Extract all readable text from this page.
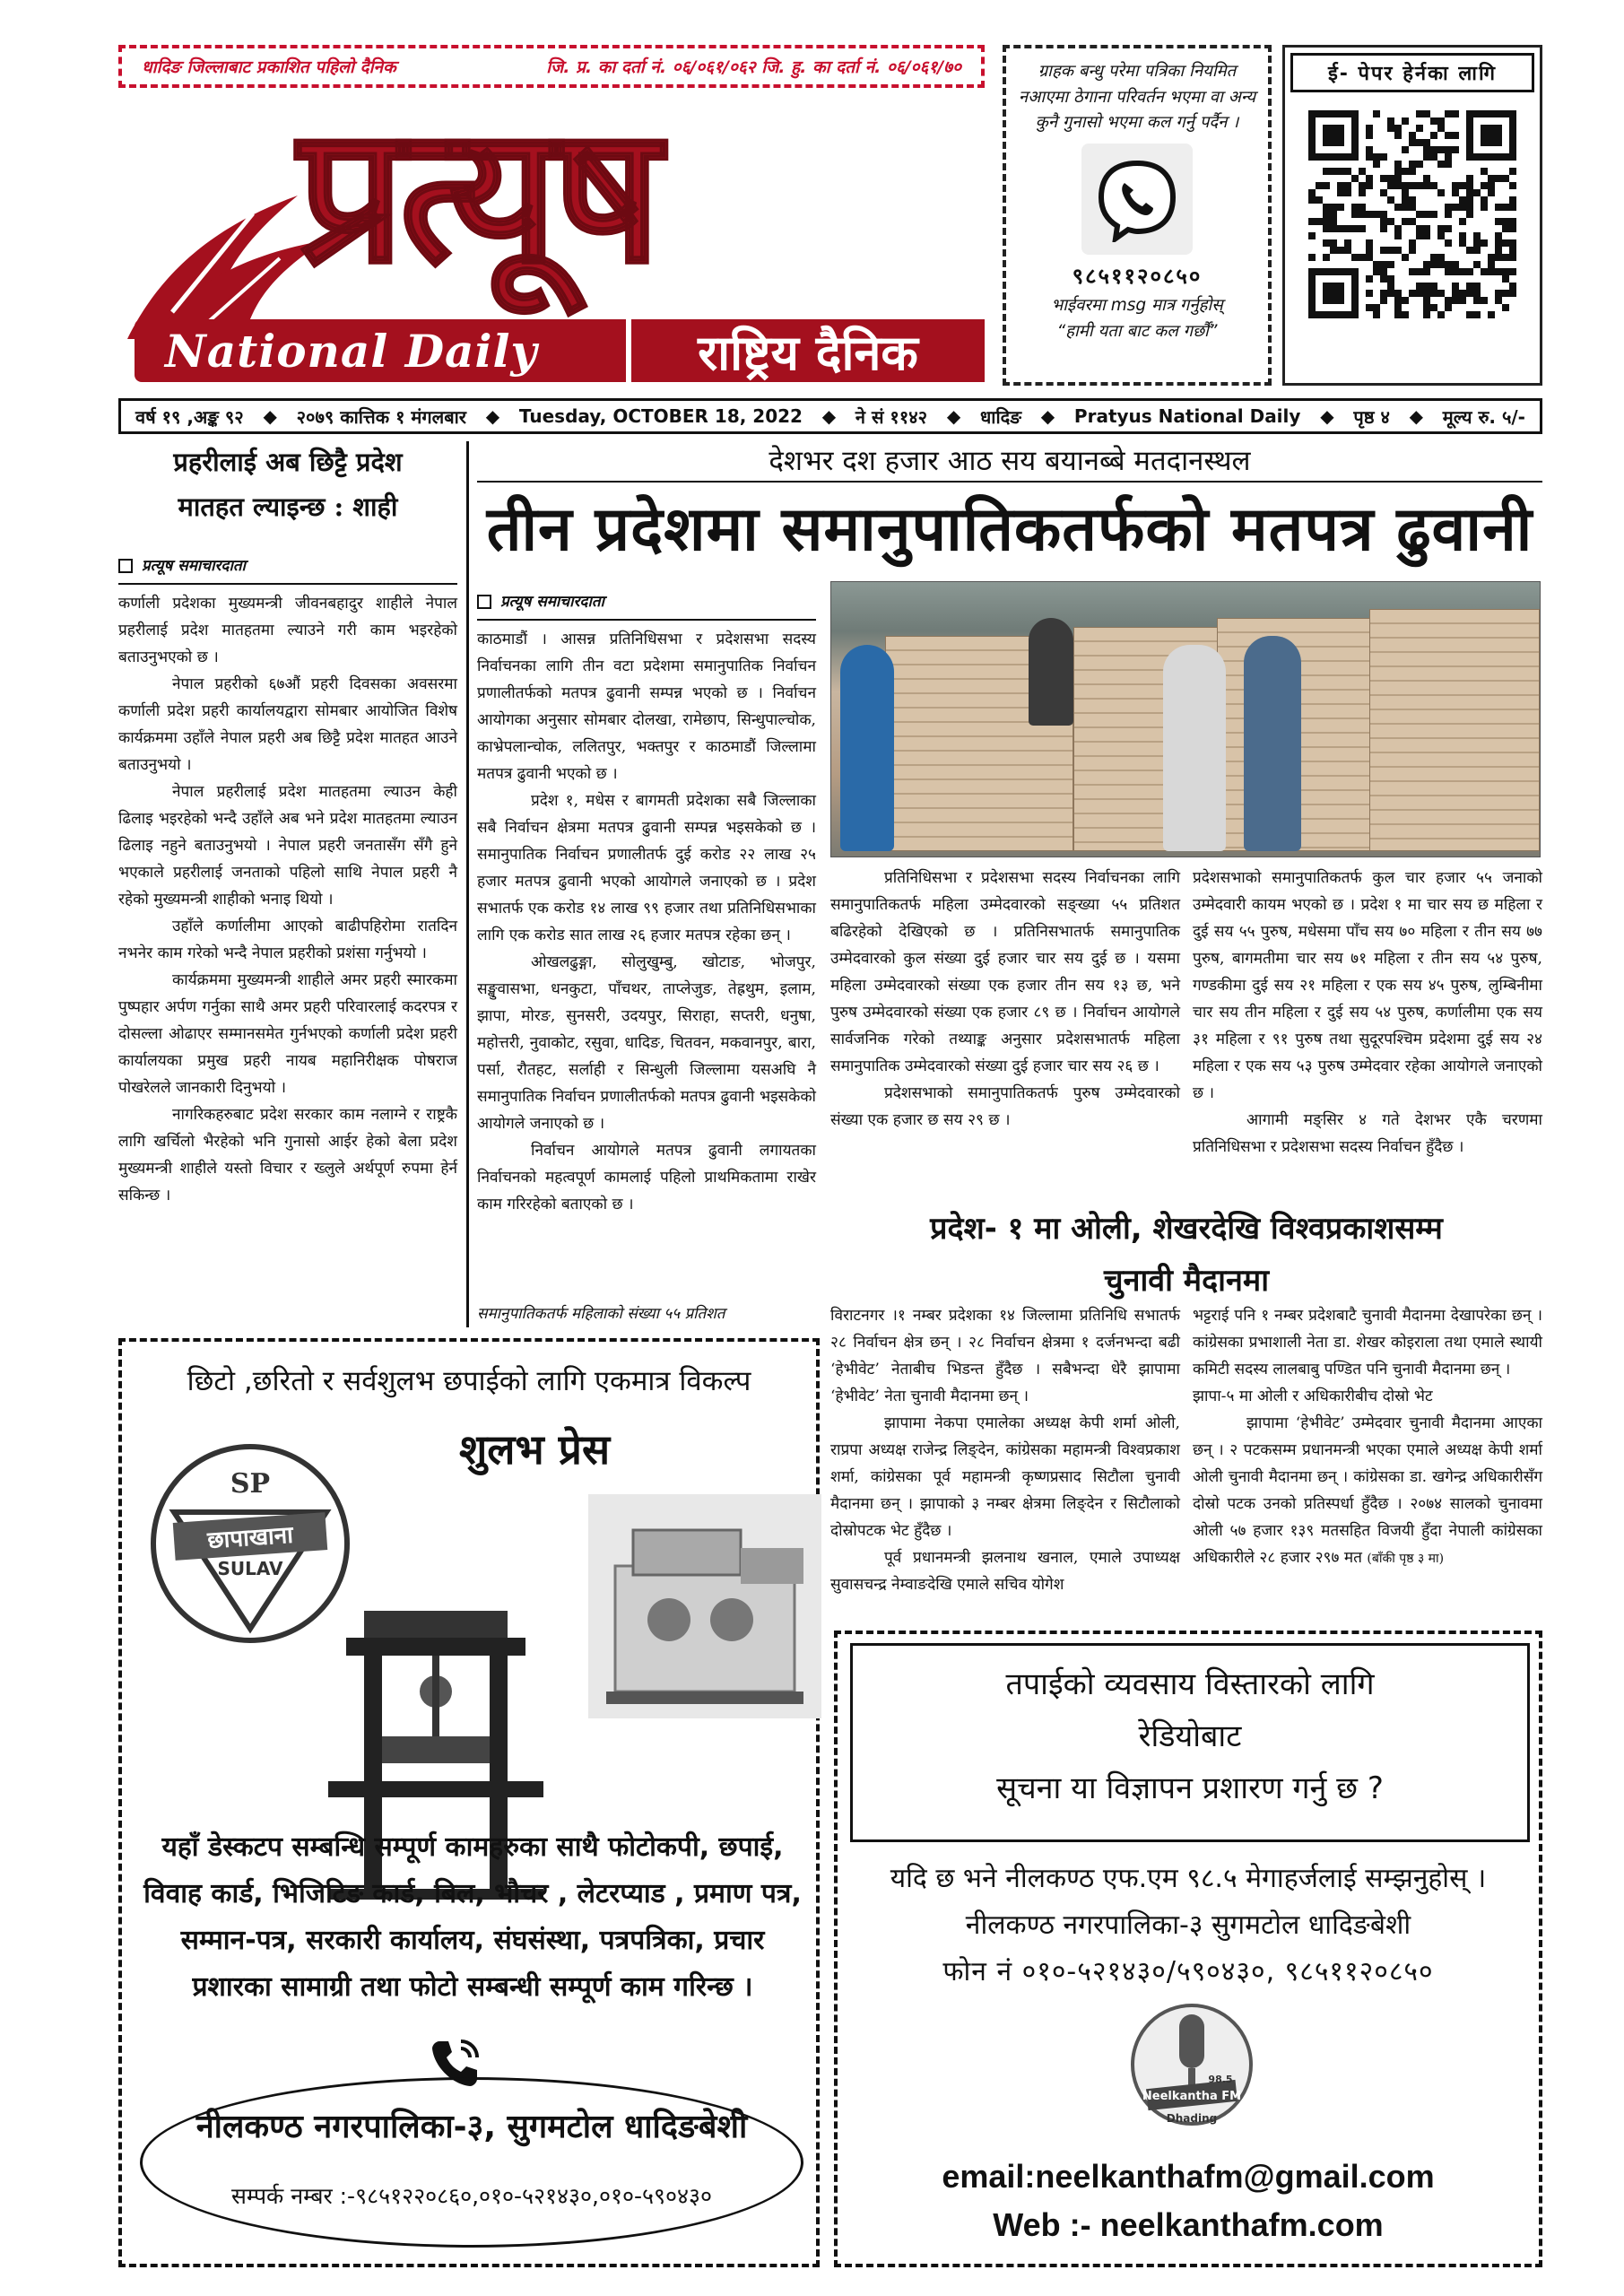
धादिङ जिल्लाबाट प्रकाशित पहिलो दैनिक	जि. प्र. का दर्ता नं. ०६/०६१/०६२ जि. हु. का दर्ता नं. ०६/०६१/७०
प्रत्यूष
National Daily	राष्ट्रिय दैनिक
ग्राहक बन्धु परेमा पत्रिका नियमित नआएमा ठेगाना परिवर्तन भएमा वा अन्य कुनै गुनासो भएमा कल गर्नु पर्दैन ।
९८५११२०८५०
भाईवरमा msg मात्र गर्नुहोस्
“हामी यता बाट कल गर्छौं”
ई- पेपर हेर्नका लागि
वर्ष १९ ,अङ्क ९२ ◆ २०७९ कात्तिक १ मंगलबार ◆ Tuesday, OCTOBER 18, 2022 ◆ ने सं ११४२ ◆ धादिङ ◆ Pratyus National Daily ◆ पृष्ठ ४ ◆ मूल्य रु. ५/-
प्रहरीलाई अब छिट्टै प्रदेश
मातहत ल्याइन्छ : शाही
प्रत्यूष समाचारदाता

कर्णाली प्रदेशका मुख्यमन्त्री जीवनबहादुर शाहीले नेपाल प्रहरीलाई प्रदेश मातहतमा ल्याउने गरी काम भइरहेको बताउनुभएको छ ।

नेपाल प्रहरीको ६७औं प्रहरी दिवसका अवसरमा कर्णाली प्रदेश प्रहरी कार्यालयद्वारा सोमबार आयोजित विशेष कार्यक्रममा उहाँले नेपाल प्रहरी अब छिट्टै प्रदेश मातहत आउने बताउनुभयो ।

नेपाल प्रहरीलाई प्रदेश मातहतमा ल्याउन केही ढिलाइ भइरहेको भन्दै उहाँले अब भने प्रदेश मातहतमा ल्याउन ढिलाइ नहुने बताउनुभयो । नेपाल प्रहरी जनतासँग सँगै हुने भएकाले प्रहरीलाई जनताको पहिलो साथि नेपाल प्रहरी नै रहेको मुख्यमन्त्री शाहीको भनाइ थियो ।

उहाँले कर्णालीमा आएको बाढीपहिरोमा रातदिन नभनेर काम गरेको भन्दै नेपाल प्रहरीको प्रशंसा गर्नुभयो ।

कार्यक्रममा मुख्यमन्त्री शाहीले अमर प्रहरी स्मारकमा पुष्पहार अर्पण गर्नुका साथै अमर प्रहरी परिवारलाई कदरपत्र र दोसल्ला ओढाएर सम्मानसमेत गुर्नभएको कर्णाली प्रदेश प्रहरी कार्यालयका प्रमुख प्रहरी नायब महानिरीक्षक पोषराज पोखरेलले जानकारी दिनुभयो ।

नागरिकहरुबाट प्रदेश सरकार काम नलाग्ने र राष्ट्रकै लागि खर्चिलो भैरहेको भनि गुनासो आईर हेको बेला प्रदेश मुख्यमन्त्री शाहीले यस्तो विचार र ख्लुले अर्थपूर्ण रुपमा हेर्न सकिन्छ ।

देशभर दश हजार आठ सय बयानब्बे मतदानस्थल
तीन प्रदेशमा समानुपातिकतर्फको मतपत्र ढुवानी
प्रत्यूष समाचारदाता

काठमाडौं । आसन्न प्रतिनिधिसभा र प्रदेशसभा सदस्य निर्वाचनका लागि तीन वटा प्रदेशमा समानुपातिक निर्वाचन प्रणालीतर्फको मतपत्र ढुवानी सम्पन्न भएको छ । निर्वाचन आयोगका अनुसार सोमबार दोलखा, रामेछाप, सिन्धुपाल्चोक, काभ्रेपलान्चोक, ललितपुर, भक्तपुर र काठमाडौं जिल्लामा मतपत्र ढुवानी भएको छ ।

प्रदेश १, मधेस र बागमती प्रदेशका सबै जिल्लाका सबै निर्वाचन क्षेत्रमा मतपत्र ढुवानी सम्पन्न भइसकेको छ । समानुपातिक निर्वाचन प्रणालीतर्फ दुई करोड २२ लाख २५ हजार मतपत्र ढुवानी भएको आयोगले जनाएको छ । प्रदेश सभातर्फ एक करोड १४ लाख ९९ हजार तथा प्रतिनिधिसभाका लागि एक करोड सात लाख २६ हजार मतपत्र रहेका छन् ।

ओखलढुङ्गा, सोलुखुम्बु, खोटाङ, भोजपुर, सङ्खुवासभा, धनकुटा, पाँचथर, ताप्लेजुङ, तेह्रथुम, इलाम, झापा, मोरङ, सुनसरी, उदयपुर, सिराहा, सप्तरी, धनुषा, महोत्तरी, नुवाकोट, रसुवा, धादिङ, चितवन, मकवानपुर, बारा, पर्सा, रौतहट, सर्लाही र सिन्धुली जिल्लामा यसअघि नै समानुपातिक निर्वाचन प्रणालीतर्फको मतपत्र ढुवानी भइसकेको आयोगले जनाएको छ ।

निर्वाचन आयोगले मतपत्र ढुवानी लगायतका निर्वाचनको महत्वपूर्ण कामलाई पहिलो प्राथमिकतामा राखेर काम गरिरहेको बताएको छ ।

समानुपातिकतर्फ महिलाको संख्या ५५ प्रतिशत

प्रतिनिधिसभा र प्रदेशसभा सदस्य निर्वाचनका लागि समानुपातिकतर्फ महिला उम्मेदवारको सङ्ख्या ५५ प्रतिशत बढिरहेको देखिएको छ । प्रतिनिसभातर्फ समानुपातिक उम्मेदवारको कुल संख्या दुई हजार चार सय दुई छ । यसमा महिला उम्मेदवारको संख्या एक हजार तीन सय १३ छ, भने पुरुष उम्मेदवारको संख्या एक हजार ८९ छ । निर्वाचन आयोगले सार्वजनिक गरेको तथ्याङ्क अनुसार प्रदेशसभातर्फ महिला समानुपातिक उम्मेदवारको संख्या दुई हजार चार सय २६ छ ।

प्रदेशसभाको समानुपातिकतर्फ पुरुष उम्मेदवारको संख्या एक हजार छ सय २९ छ ।

प्रदेशसभाको समानुपातिकतर्फ कुल चार हजार ५५ जनाको उम्मेदवारी कायम भएको छ । प्रदेश १ मा चार सय छ महिला र दुई सय ५५ पुरुष, मधेसमा पाँच सय ७० महिला र तीन सय ७७ पुरुष, बागमतीमा चार सय ७१ महिला र तीन सय ५४ पुरुष, गण्डकीमा दुई सय २१ महिला र एक सय ४५ पुरुष, लुम्बिनीमा चार सय तीन महिला र दुई सय ५४ पुरुष, कर्णालीमा एक सय ३१ महिला र ९१ पुरुष तथा सुदूरपश्चिम प्रदेशमा दुई सय २४ महिला र एक सय ५३ पुरुष उम्मेदवार रहेका आयोगले जनाएको छ ।

आगामी मङ्सिर ४ गते देशभर एकै चरणमा प्रतिनिधिसभा र प्रदेशसभा सदस्य निर्वाचन हुँदैछ ।

प्रदेश- १ मा ओली, शेखरदेखि विश्वप्रकाशसम्म
चुनावी मैदानमा

विराटनगर ।१ नम्बर प्रदेशका १४ जिल्लामा प्रतिनिधि सभातर्फ २८ निर्वाचन क्षेत्र छन् । २८ निर्वाचन क्षेत्रमा १ दर्जनभन्दा बढी ‘हेभीवेट’ नेताबीच भिडन्त हुँदैछ । सबैभन्दा धेरै झापामा ‘हेभीवेट’ नेता चुनावी मैदानमा छन् ।

झापामा नेकपा एमालेका अध्यक्ष केपी शर्मा ओली, राप्रपा अध्यक्ष राजेन्द्र लिङ्देन, कांग्रेसका महामन्त्री विश्वप्रकाश शर्मा, कांग्रेसका पूर्व महामन्त्री कृष्णप्रसाद सिटौला चुनावी मैदानमा छन् । झापाको ३ नम्बर क्षेत्रमा लिङ्देन र सिटौलाको दोस्रोपटक भेट हुँदैछ ।

पूर्व प्रधानमन्त्री झलनाथ खनाल, एमाले उपाध्यक्ष सुवासचन्द्र नेम्वाङदेखि एमाले सचिव योगेश

भट्टराई पनि १ नम्बर प्रदेशबाटै चुनावी मैदानमा देखापरेका छन् । कांग्रेसका प्रभाशाली नेता डा. शेखर कोइराला तथा एमाले स्थायी कमिटी सदस्य लालबाबु पण्डित पनि चुनावी मैदानमा छन् ।

झापा-५ मा ओली र अधिकारीबीच दोस्रो भेट

झापामा ‘हेभीवेट’ उम्मेदवार चुनावी मैदानमा आएका छन् । २ पटकसम्म प्रधानमन्त्री भएका एमाले अध्यक्ष केपी शर्मा ओली चुनावी मैदानमा छन् । कांग्रेसका डा. खगेन्द्र अधिकारीसँग दोस्रो पटक उनको प्रतिस्पर्धा हुँदैछ । २०७४ सालको चुनावमा ओली ५७ हजार १३९ मतसहित विजयी हुँदा नेपाली कांग्रेसका अधिकारीले २८ हजार २९७ मत (बाँकी पृष्ठ ३ मा)

छिटो ,छरितो र सर्वशुलभ छपाईको लागि एकमात्र विकल्प
शुलभ प्रेस
SP
SULAV
छापाखाना
यहाँ डेस्कटप सम्बन्धि सम्पूर्ण कामहरुका साथै फोटोकपी, छपाई, विवाह कार्ड, भिजिटिङ कार्ड, बिल, भौचर , लेटरप्याड , प्रमाण पत्र, सम्मान-पत्र, सरकारी कार्यालय, संघसंस्था, पत्रपत्रिका, प्रचार प्रशारका सामाग्री तथा फोटो सम्बन्धी सम्पूर्ण काम गरिन्छ ।
नीलकण्ठ नगरपालिका-३, सुगमटोल धादिङबेशी
सम्पर्क नम्बर :-९८५१२२०८६०,०१०-५२१४३०,०१०-५९०४३०
तपाईको व्यवसाय विस्तारको लागि
रेडियोबाट
सूचना या विज्ञापन प्रशारण गर्नु छ ?
यदि छ भने नीलकण्ठ एफ.एम ९८.५ मेगाहर्जलाई सम्झनुहोस् ।
नीलकण्ठ नगरपालिका-३ सुगमटोल धादिङबेशी
फोन नं ०१०-५२१४३०/५९०४३०, ९८५११२०८५०
Neelkantha FM
98.5
Dhading
email:neelkanthafm@gmail.com
Web :- neelkanthafm.com
